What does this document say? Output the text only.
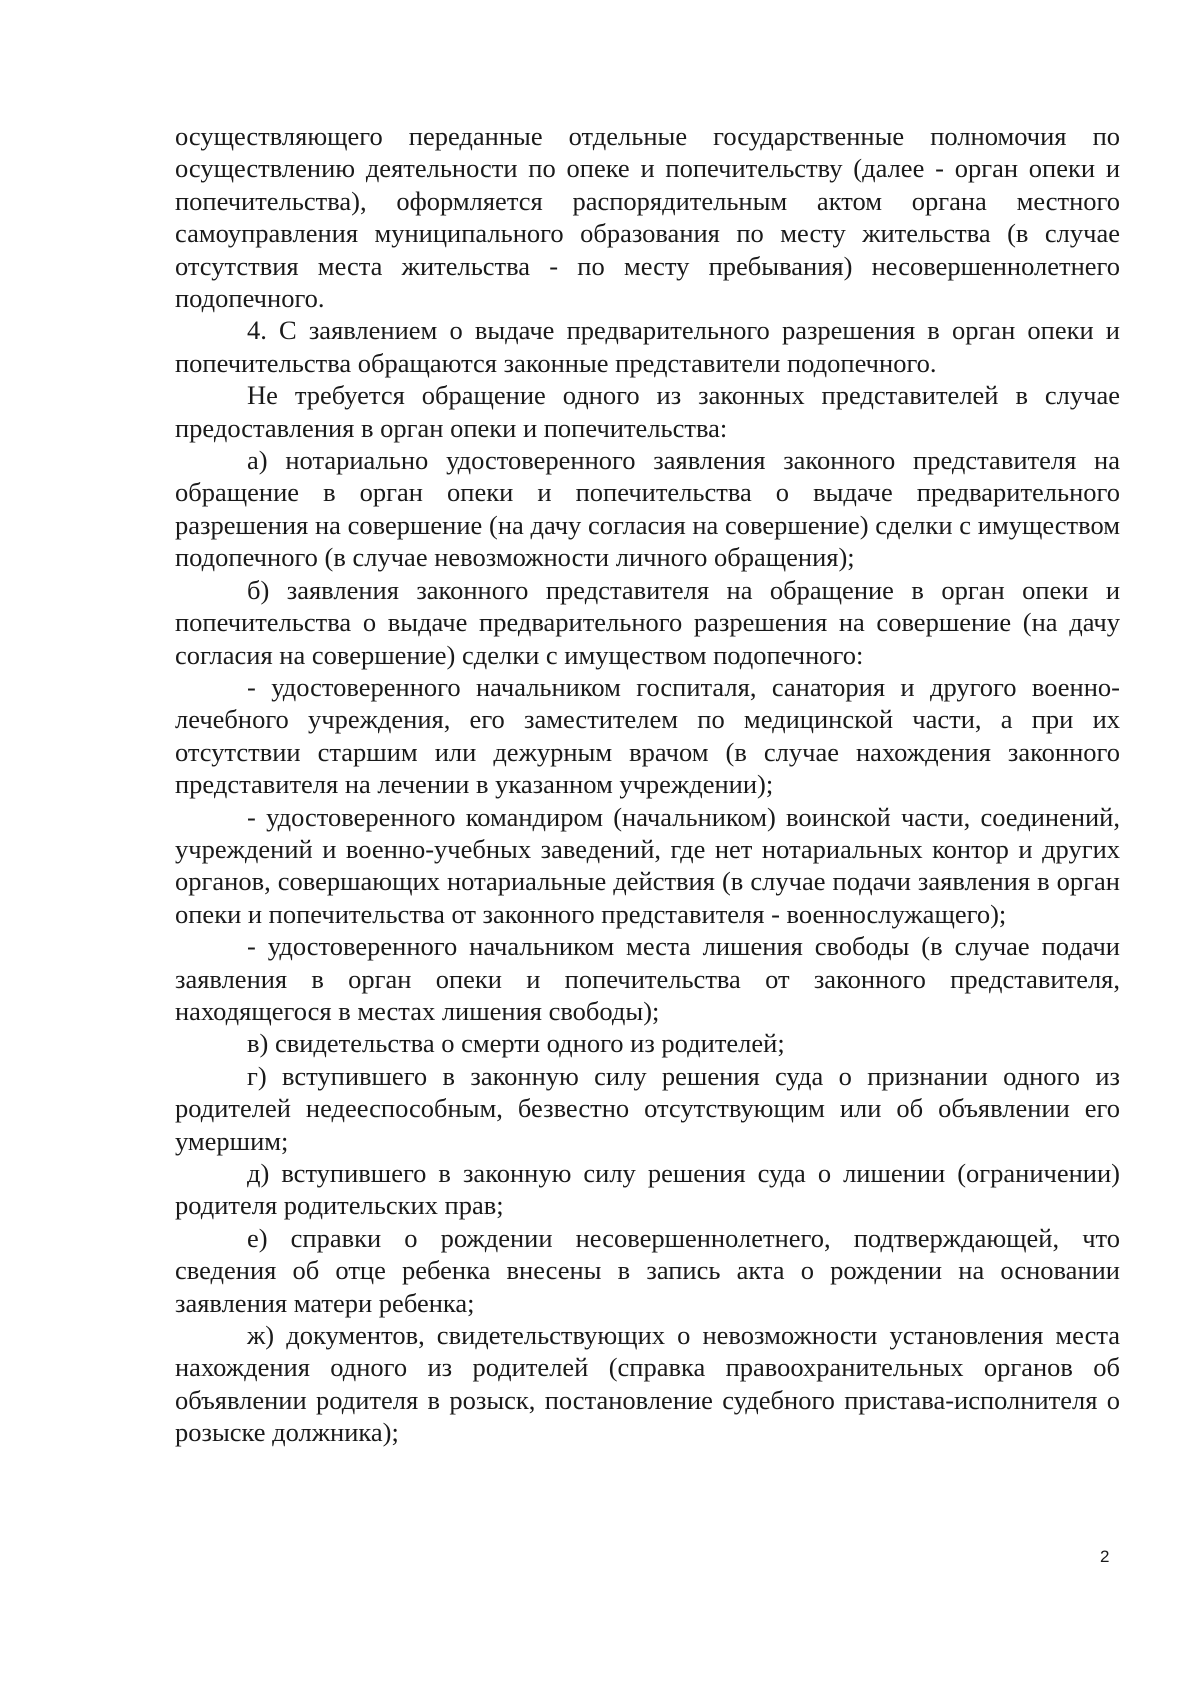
осуществляющего переданные отдельные государственные полномочия по осуществлению деятельности по опеке и попечительству (далее - орган опеки и попечительства), оформляется распорядительным актом органа местного самоуправления муниципального образования по месту жительства (в случае отсутствия места жительства - по месту пребывания) несовершеннолетнего подопечного.

4. С заявлением о выдаче предварительного разрешения в орган опеки и попечительства обращаются законные представители подопечного.

Не требуется обращение одного из законных представителей в случае предоставления в орган опеки и попечительства:

а) нотариально удостоверенного заявления законного представителя на обращение в орган опеки и попечительства о выдаче предварительного разрешения на совершение (на дачу согласия на совершение) сделки с имуществом подопечного (в случае невозможности личного обращения);

б) заявления законного представителя на обращение в орган опеки и попечительства о выдаче предварительного разрешения на совершение (на дачу согласия на совершение) сделки с имуществом подопечного:

- удостоверенного начальником госпиталя, санатория и другого военно-лечебного учреждения, его заместителем по медицинской части, а при их отсутствии старшим или дежурным врачом (в случае нахождения законного представителя на лечении в указанном учреждении);

- удостоверенного командиром (начальником) воинской части, соединений, учреждений и военно-учебных заведений, где нет нотариальных контор и других органов, совершающих нотариальные действия (в случае подачи заявления в орган опеки и попечительства от законного представителя - военнослужащего);

- удостоверенного начальником места лишения свободы (в случае подачи заявления в орган опеки и попечительства от законного представителя, находящегося в местах лишения свободы);

в) свидетельства о смерти одного из родителей;

г) вступившего в законную силу решения суда о признании одного из родителей недееспособным, безвестно отсутствующим или об объявлении его умершим;

д) вступившего в законную силу решения суда о лишении (ограничении) родителя родительских прав;

е) справки о рождении несовершеннолетнего, подтверждающей, что сведения об отце ребенка внесены в запись акта о рождении на основании заявления матери ребенка;

ж) документов, свидетельствующих о невозможности установления места нахождения одного из родителей (справка правоохранительных органов об объявлении родителя в розыск, постановление судебного пристава-исполнителя о розыске должника);

2
